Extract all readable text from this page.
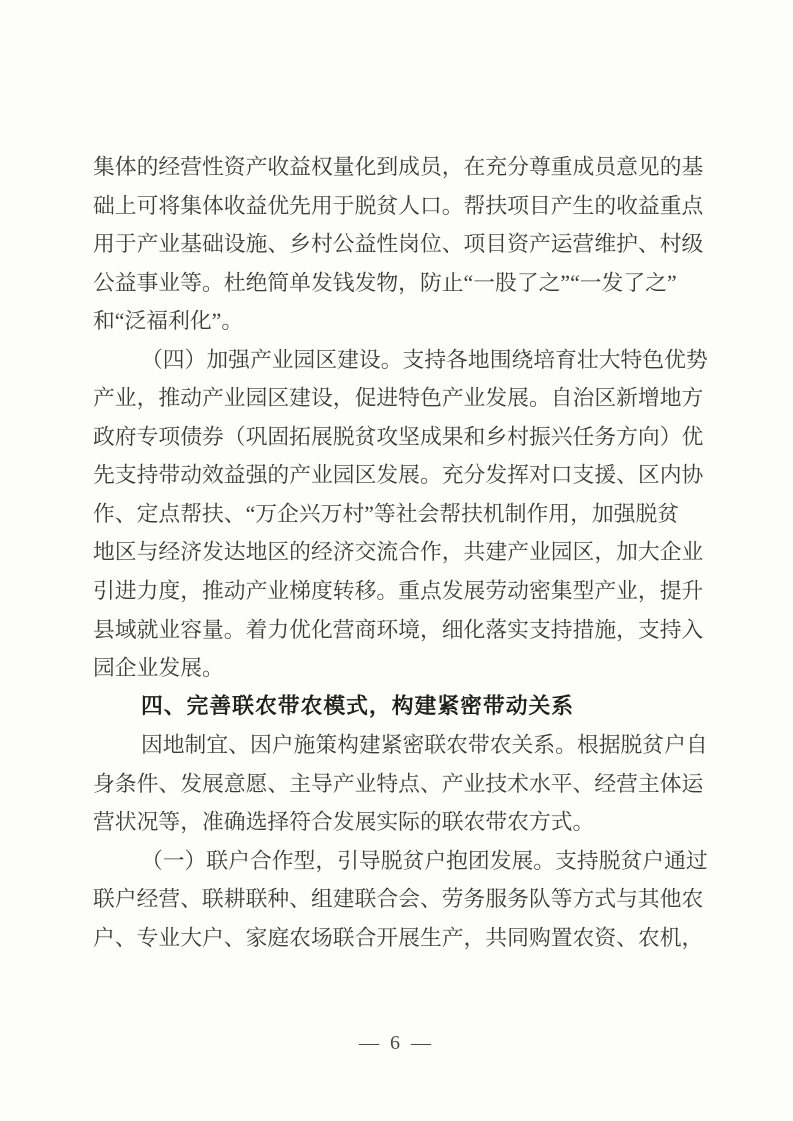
集体的经营性资产收益权量化到成员，在充分尊重成员意见的基
础上可将集体收益优先用于脱贫人口。帮扶项目产生的收益重点
用于产业基础设施、乡村公益性岗位、项目资产运营维护、村级
公益事业等。杜绝简单发钱发物，防止“一股了之”“一发了之”
和“泛福利化”。
（四）加强产业园区建设。支持各地围绕培育壮大特色优势
产业，推动产业园区建设，促进特色产业发展。自治区新增地方
政府专项债券（巩固拓展脱贫攻坚成果和乡村振兴任务方向）优
先支持带动效益强的产业园区发展。充分发挥对口支援、区内协
作、定点帮扶、“万企兴万村”等社会帮扶机制作用，加强脱贫
地区与经济发达地区的经济交流合作，共建产业园区，加大企业
引进力度，推动产业梯度转移。重点发展劳动密集型产业，提升
县域就业容量。着力优化营商环境，细化落实支持措施，支持入
园企业发展。
四、完善联农带农模式，构建紧密带动关系
因地制宜、因户施策构建紧密联农带农关系。根据脱贫户自
身条件、发展意愿、主导产业特点、产业技术水平、经营主体运
营状况等，准确选择符合发展实际的联农带农方式。
（一）联户合作型，引导脱贫户抱团发展。支持脱贫户通过
联户经营、联耕联种、组建联合会、劳务服务队等方式与其他农
户、专业大户、家庭农场联合开展生产，共同购置农资、农机，
— 6 —
